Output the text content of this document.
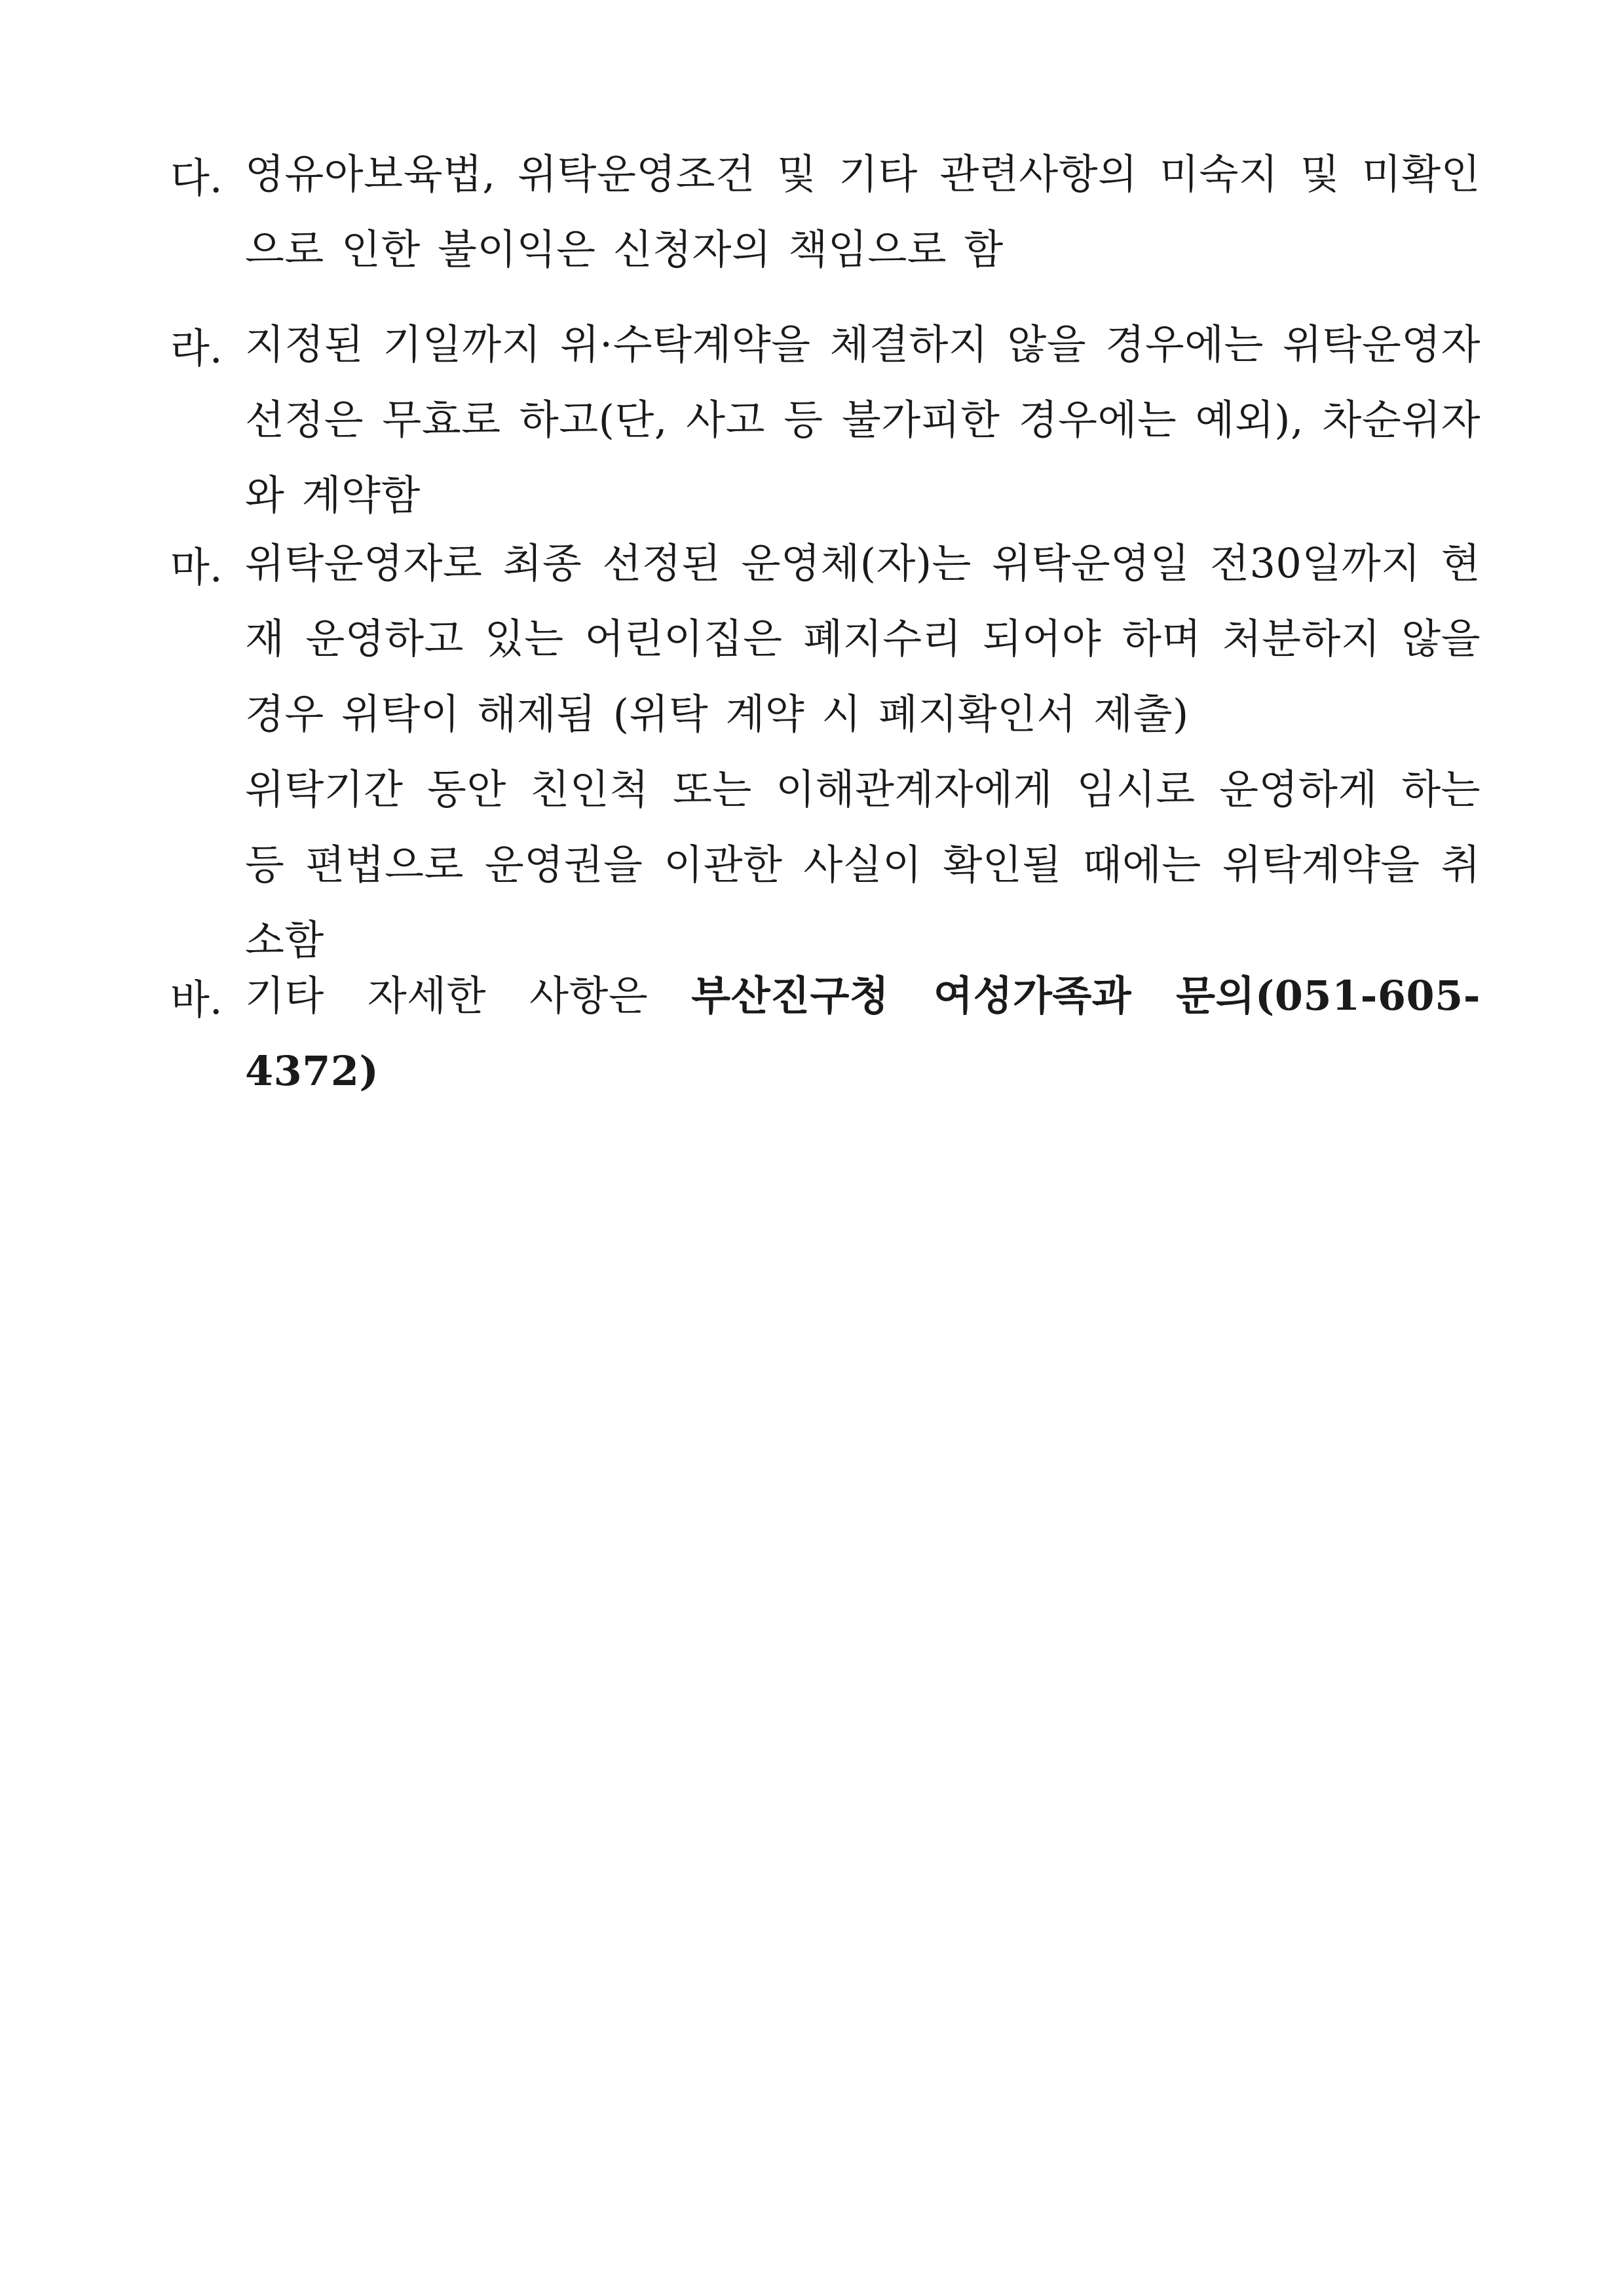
다. 영유아보육법, 위탁운영조건 및 기타 관련사항의 미숙지 및 미확인으로 인한 불이익은 신청자의 책임으로 함
라. 지정된 기일까지 위·수탁계약을 체결하지 않을 경우에는 위탁운영자 선정은 무효로 하고(단, 사고 등 불가피한 경우에는 예외), 차순위자와 계약함
마. 위탁운영자로 최종 선정된 운영체(자)는 위탁운영일 전30일까지 현재 운영하고 있는 어린이집은 폐지수리 되어야 하며 처분하지 않을 경우 위탁이 해제됨 (위탁 계약 시 폐지확인서 제출)
위탁기간 동안 친인척 또는 이해관계자에게 임시로 운영하게 하는 등 편법으로 운영권을 이관한 사실이 확인될 때에는 위탁계약을 취소함
바. 기타 자세한 사항은 부산진구청 여성가족과 문의(051-605-4372)
